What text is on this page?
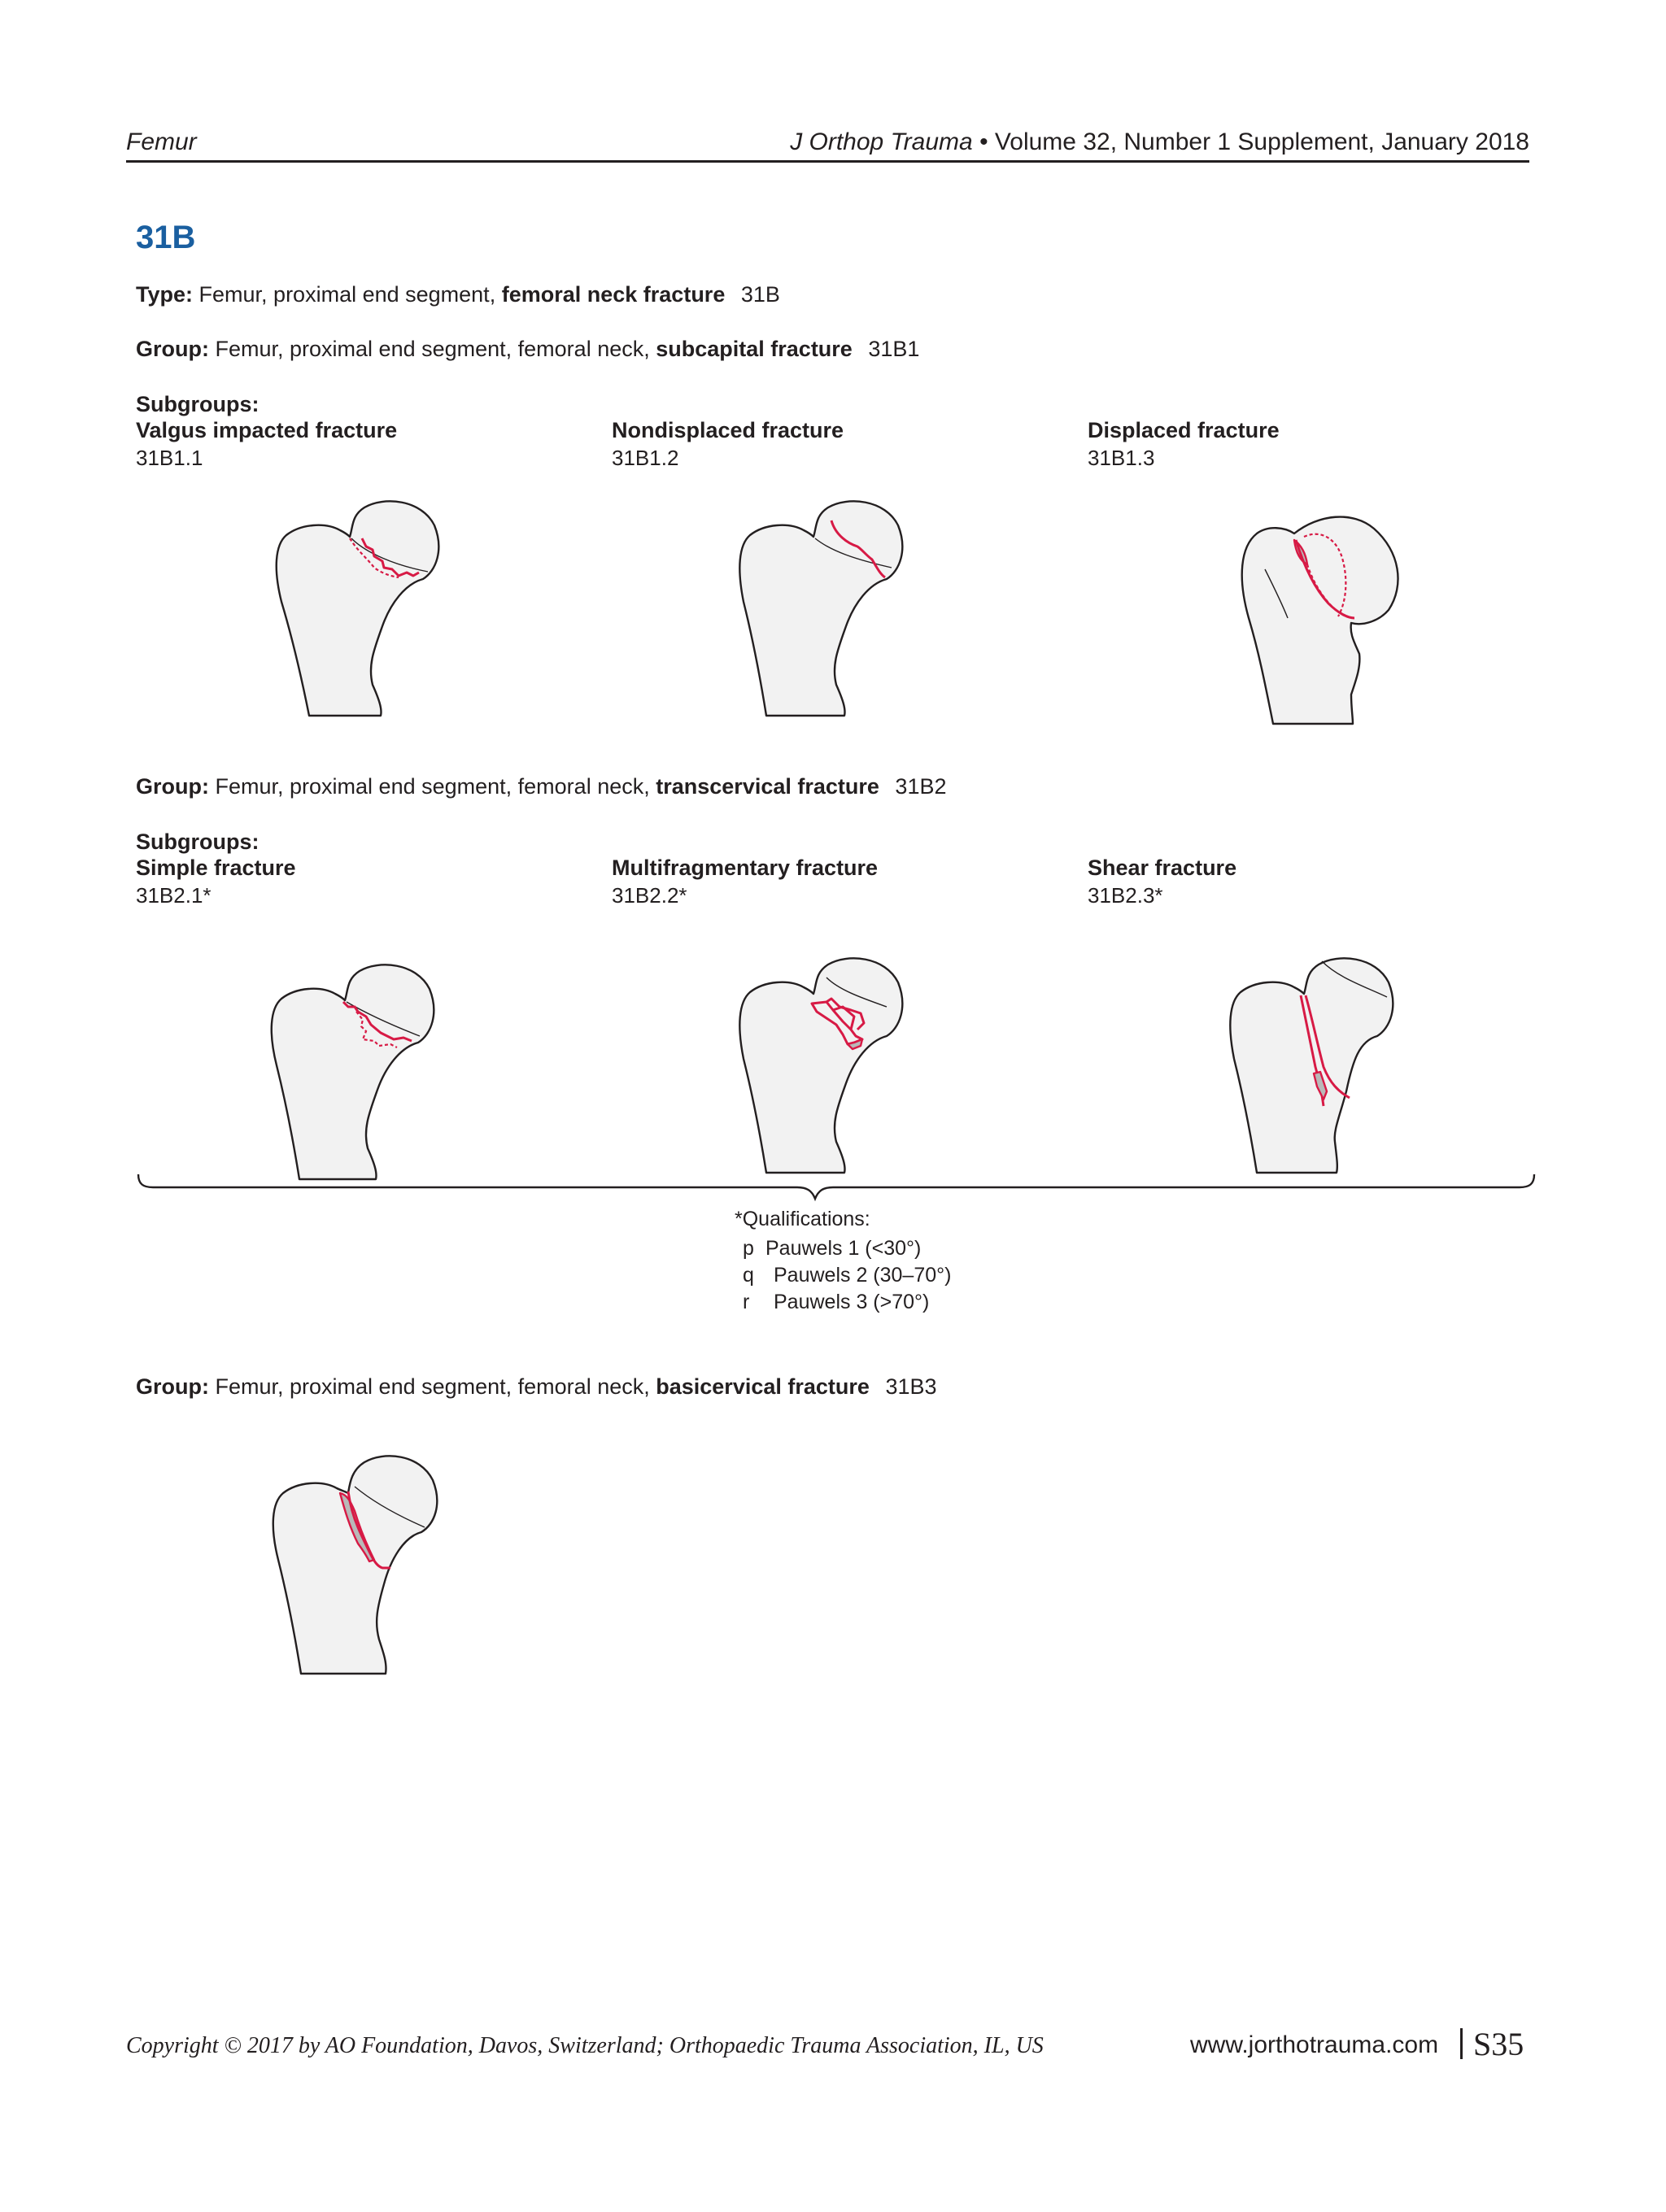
Femur	J Orthop Trauma • Volume 32, Number 1 Supplement, January 2018
31B
Type: Femur, proximal end segment, femoral neck fracture 31B
Group: Femur, proximal end segment, femoral neck, subcapital fracture 31B1
Subgroups:
Valgus impacted fracture
31B1.1
Nondisplaced fracture
31B1.2
Displaced fracture
31B1.3
Group: Femur, proximal end segment, femoral neck, transcervical fracture 31B2
Subgroups:
Simple fracture
31B2.1*
Multifragmentary fracture
31B2.2*
Shear fracture
31B2.3*
*Qualifications:
p Pauwels 1 (<30°)
q Pauwels 2 (30–70°)
r Pauwels 3 (>70°)
Group: Femur, proximal end segment, femoral neck, basicervical fracture 31B3
Copyright © 2017 by AO Foundation, Davos, Switzerland; Orthopaedic Trauma Association, IL, US	www.jorthotrauma.com S35
